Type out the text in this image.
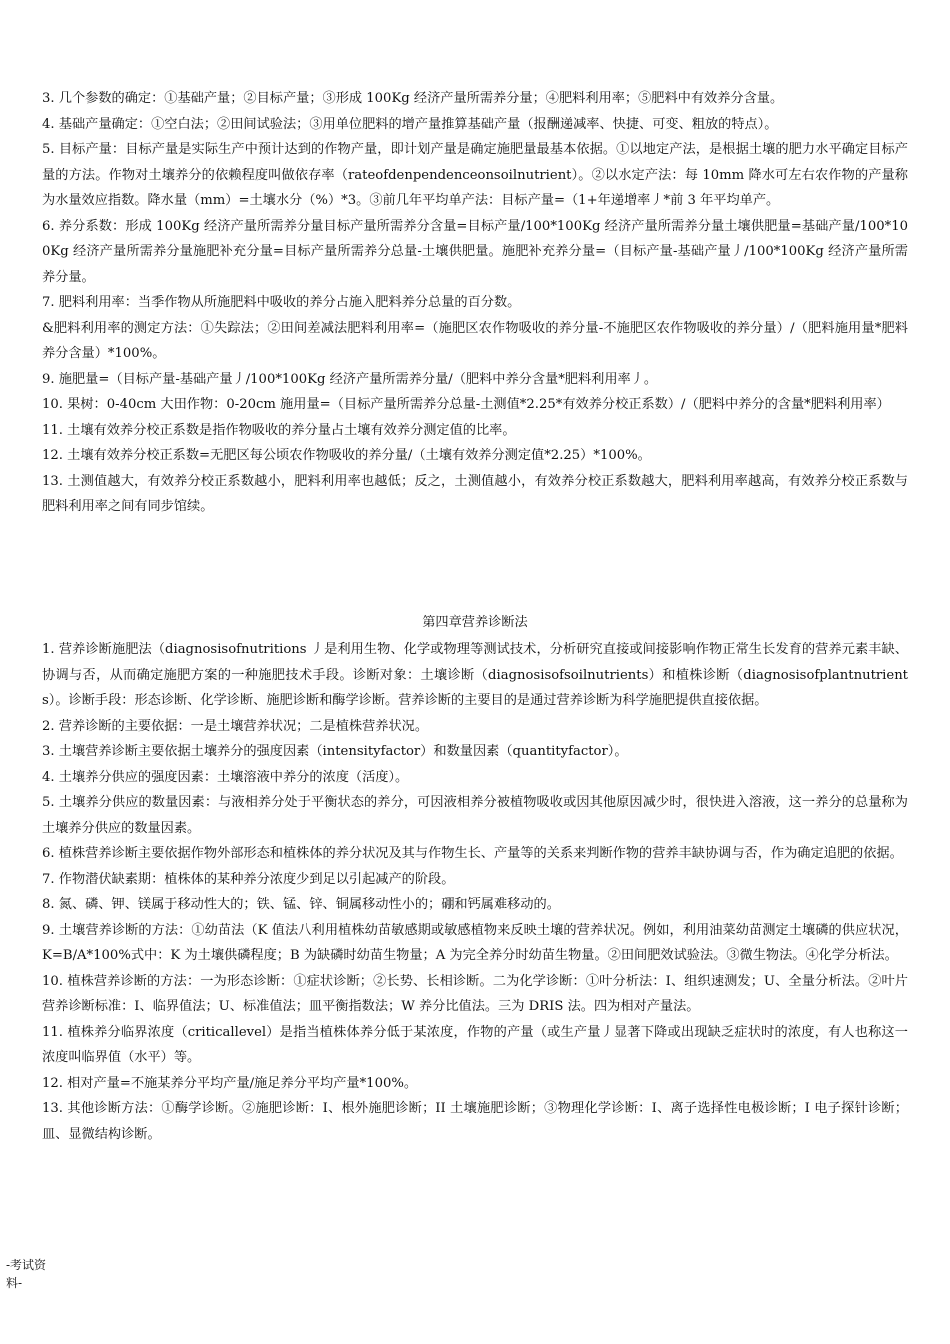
3. 几个参数的确定：①基础产量；②目标产量；③形成 100Kg 经济产量所需养分量；④肥料利用率；⑤肥料中有效养分含量。

4. 基础产量确定：①空白法；②田间试验法；③用单位肥料的增产量推算基础产量（报酬递减率、快捷、可变、粗放的特点）。

5. 目标产量：目标产量是实际生产中预计达到的作物产量，即计划产量是确定施肥量最基本依据。①以地定产法，是根据土壤的肥力水平确定目标产量的方法。作物对土壤养分的依赖程度叫做依存率（rateofdenpendenceonsoilnutrient）。②以水定产法：每 10mm 降水可左右农作物的产量称为水量效应指数。降水量（mm）=土壤水分（%）*3。③前几年平均单产法：目标产量=（1+年递增率丿*前 3 年平均单产。

6. 养分系数：形成 100Kg 经济产量所需养分量目标产量所需养分含量=目标产量/100*100Kg 经济产量所需养分量土壤供肥量=基础产量/100*100Kg 经济产量所需养分量施肥补充分量=目标产量所需养分总量-土壤供肥量。施肥补充养分量=（目标产量-基础产量丿/100*100Kg 经济产量所需养分量。

7. 肥料利用率：当季作物从所施肥料中吸收的养分占施入肥料养分总量的百分数。

&肥料利用率的测定方法：①失踪法；②田间差减法肥料利用率=（施肥区农作物吸收的养分量-不施肥区农作物吸收的养分量）/（肥料施用量*肥料养分含量）*100%。

9. 施肥量=（目标产量-基础产量丿/100*100Kg 经济产量所需养分量/（肥料中养分含量*肥料利用率丿。

10. 果树：0-40cm 大田作物：0-20cm 施用量=（目标产量所需养分总量-土测值*2.25*有效养分校正系数）/（肥料中养分的含量*肥料利用率）

11. 土壤有效养分校正系数是指作物吸收的养分量占土壤有效养分测定值的比率。

12. 土壤有效养分校正系数=无肥区每公顷农作物吸收的养分量/（土壤有效养分测定值*2.25）*100%。

13. 土测值越大，有效养分校正系数越小，肥料利用率也越低；反之，土测值越小，有效养分校正系数越大，肥料利用率越高，有效养分校正系数与肥料利用率之间有同步馆续。

第四章营养诊断法

1. 营养诊断施肥法（diagnosisofnutritions 丿是利用生物、化学或物理等测试技术，分析研究直接或间接影响作物正常生长发育的营养元素丰缺、协调与否，从而确定施肥方案的一种施肥技术手段。诊断对象：土壤诊断（diagnosisofsoilnutrients）和植株诊断（diagnosisofplantnutrients）。诊断手段：形态诊断、化学诊断、施肥诊断和酶学诊断。营养诊断的主要目的是通过营养诊断为科学施肥提供直接依据。

2. 营养诊断的主要依据：一是土壤营养状况；二是植株营养状况。

3. 土壤营养诊断主要依据土壤养分的强度因素（intensityfactor）和数量因素（quantityfactor）。

4. 土壤养分供应的强度因素：土壤溶液中养分的浓度（活度）。

5. 土壤养分供应的数量因素：与液相养分处于平衡状态的养分，可因液相养分被植物吸收或因其他原因减少时，很快进入溶液，这一养分的总量称为土壤养分供应的数量因素。

6. 植株营养诊断主要依据作物外部形态和植株体的养分状况及其与作物生长、产量等的关系来判断作物的营养丰缺协调与否，作为确定追肥的依据。

7. 作物潜伏缺素期：植株体的某种养分浓度少到足以引起减产的阶段。

8. 氮、磷、钾、镁属于移动性大的；铁、锰、锌、铜属移动性小的；硼和钙属难移动的。

9. 土壤营养诊断的方法：①幼苗法（K 值法八利用植株幼苗敏感期或敏感植物来反映土壤的营养状况。例如，利用油菜幼苗测定土壤磷的供应状况，K=B/A*100%式中：K 为土壤供磷程度；B 为缺磷时幼苗生物量；A 为完全养分时幼苗生物量。②田间肥效试验法。③微生物法。④化学分析法。

10. 植株营养诊断的方法：一为形态诊断：①症状诊断；②长势、长相诊断。二为化学诊断：①叶分析法：I、组织速测发；U、全量分析法。②叶片营养诊断标准：I、临界值法；U、标准值法；皿平衡指数法；W 养分比值法。三为 DRIS 法。四为相对产量法。

11. 植株养分临界浓度（criticallevel）是指当植株体养分低于某浓度，作物的产量（或生产量丿显著下降或出现缺乏症状时的浓度，有人也称这一浓度叫临界值（水平）等。

12. 相对产量=不施某养分平均产量/施足养分平均产量*100%。

13. 其他诊断方法：①酶学诊断。②施肥诊断：I、根外施肥诊断；II 土壤施肥诊断；③物理化学诊断：I、离子选择性电极诊断；I 电子探针诊断；皿、显微结构诊断。

-考试资
料-
